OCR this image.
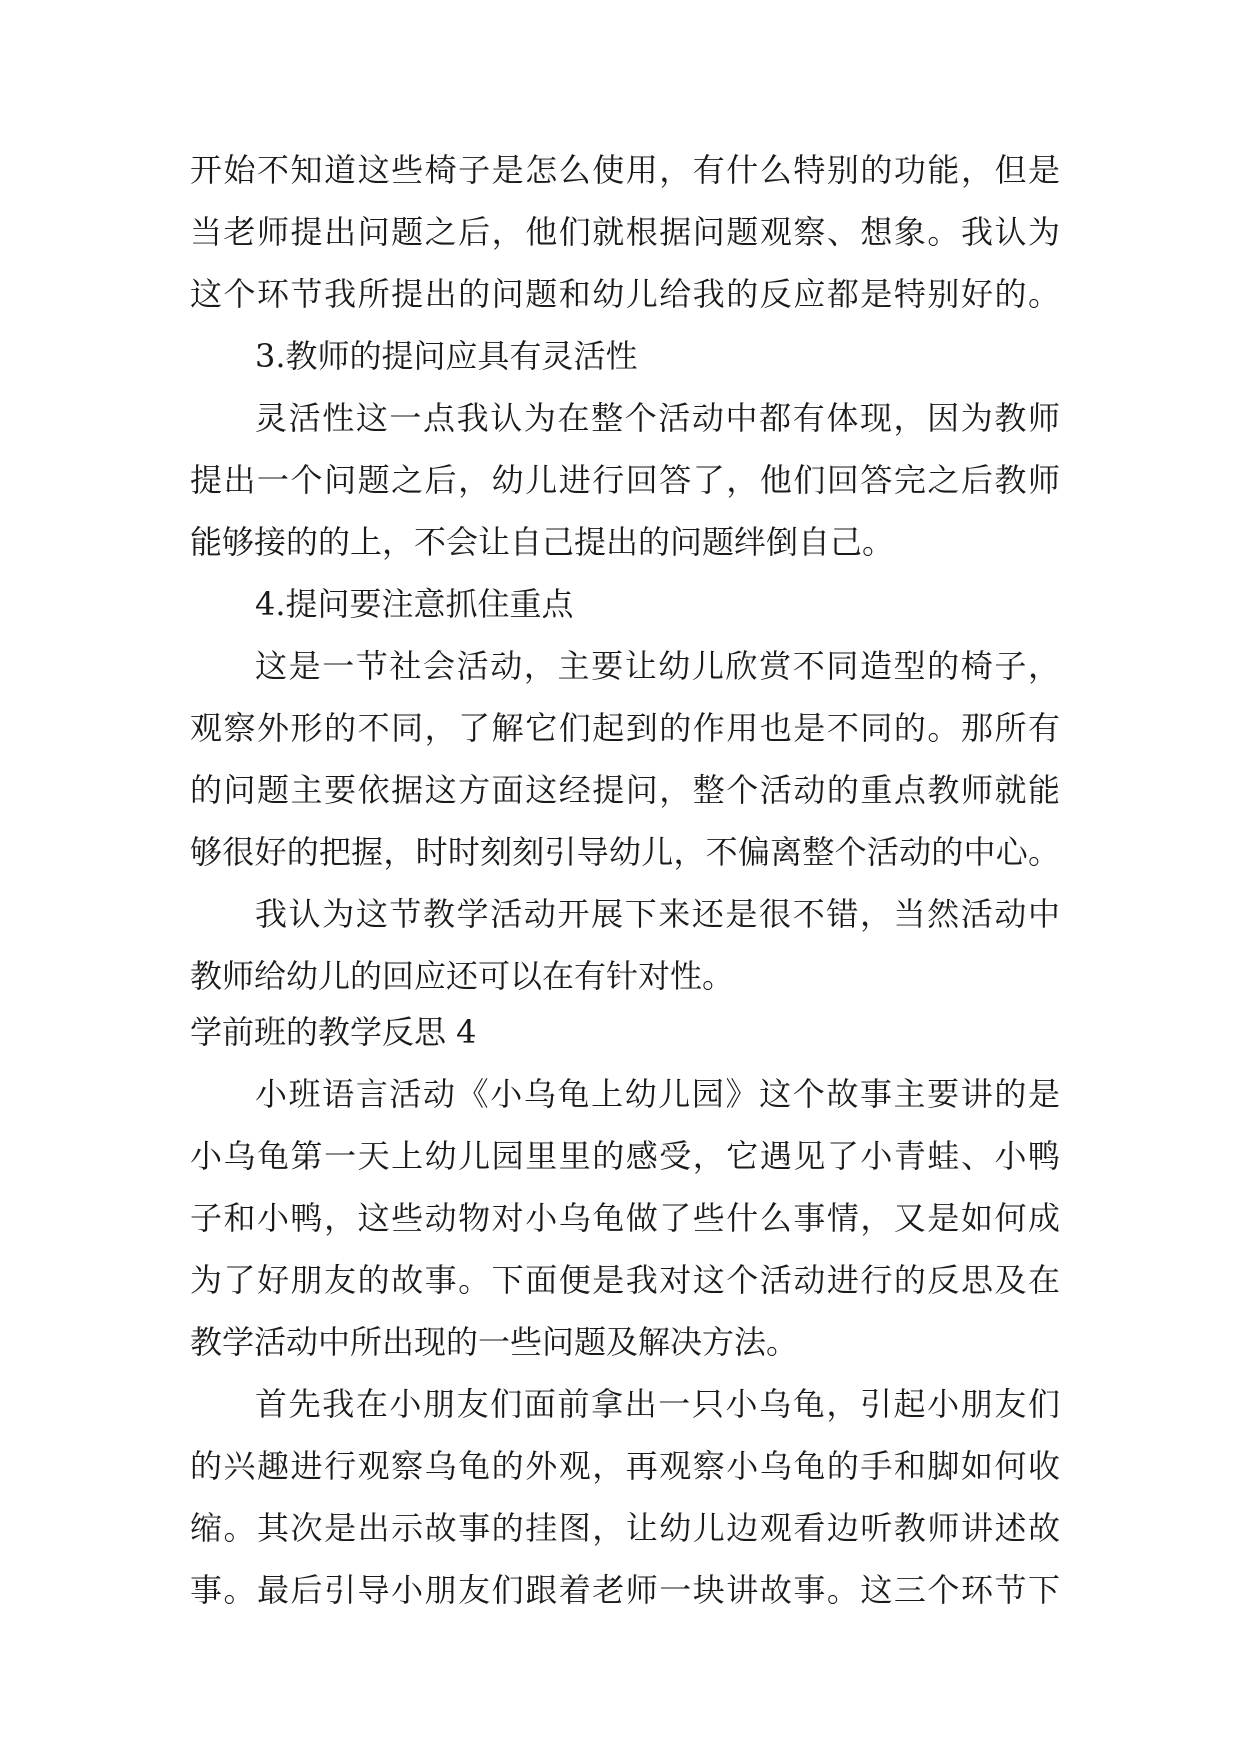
开始不知道这些椅子是怎么使用，有什么特别的功能，但是
当老师提出问题之后，他们就根据问题观察、想象。我认为
这个环节我所提出的问题和幼儿给我的反应都是特别好的。
3.教师的提问应具有灵活性
灵活性这一点我认为在整个活动中都有体现，因为教师
提出一个问题之后，幼儿进行回答了，他们回答完之后教师
能够接的的上，不会让自己提出的问题绊倒自己。
4.提问要注意抓住重点
这是一节社会活动，主要让幼儿欣赏不同造型的椅子，
观察外形的不同，了解它们起到的作用也是不同的。那所有
的问题主要依据这方面这经提问，整个活动的重点教师就能
够很好的把握，时时刻刻引导幼儿，不偏离整个活动的中心。
我认为这节教学活动开展下来还是很不错，当然活动中
教师给幼儿的回应还可以在有针对性。
学前班的教学反思 4
小班语言活动《小乌龟上幼儿园》这个故事主要讲的是
小乌龟第一天上幼儿园里里的感受，它遇见了小青蛙、小鸭
子和小鸭，这些动物对小乌龟做了些什么事情，又是如何成
为了好朋友的故事。下面便是我对这个活动进行的反思及在
教学活动中所出现的一些问题及解决方法。
首先我在小朋友们面前拿出一只小乌龟，引起小朋友们
的兴趣进行观察乌龟的外观，再观察小乌龟的手和脚如何收
缩。其次是出示故事的挂图，让幼儿边观看边听教师讲述故
事。最后引导小朋友们跟着老师一块讲故事。这三个环节下
